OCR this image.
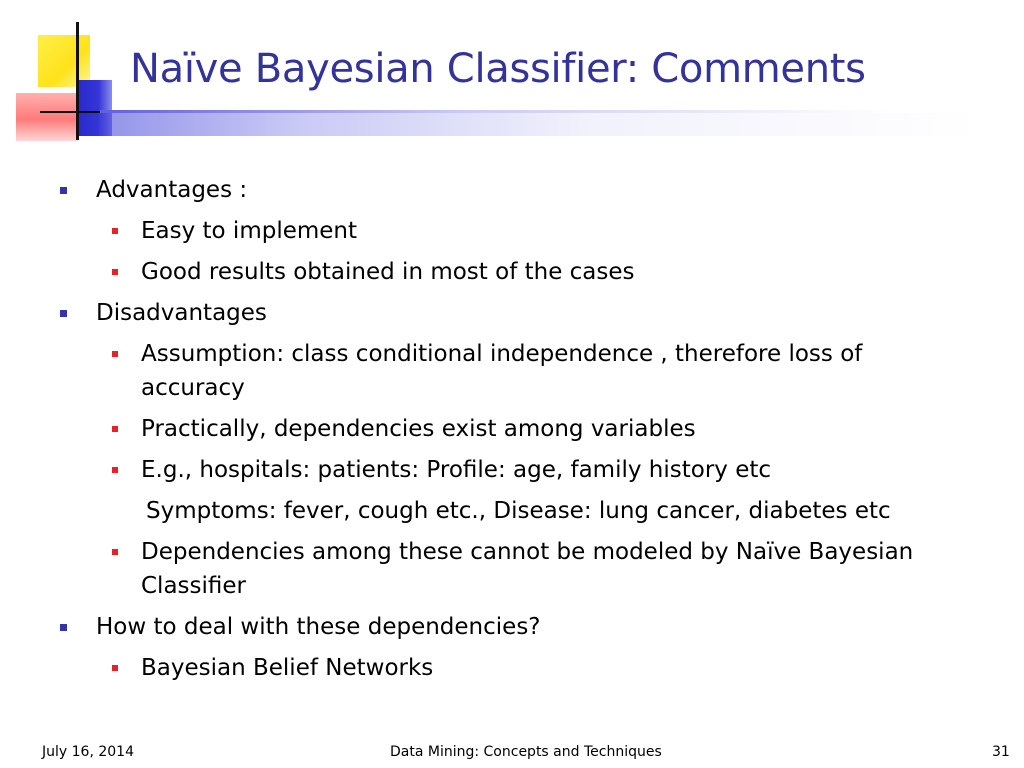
Naïve Bayesian Classifier: Comments
Advantages :
Easy to implement
Good results obtained in most of the cases
Disadvantages
Assumption: class conditional independence , therefore loss of
accuracy
Practically, dependencies exist among variables
E.g., hospitals: patients: Profile: age, family history etc
Symptoms: fever, cough etc., Disease: lung cancer, diabetes etc
Dependencies among these cannot be modeled by Naïve Bayesian
Classifier
How to deal with these dependencies?
Bayesian Belief Networks
July 16, 2014	Data Mining: Concepts and Techniques	31
